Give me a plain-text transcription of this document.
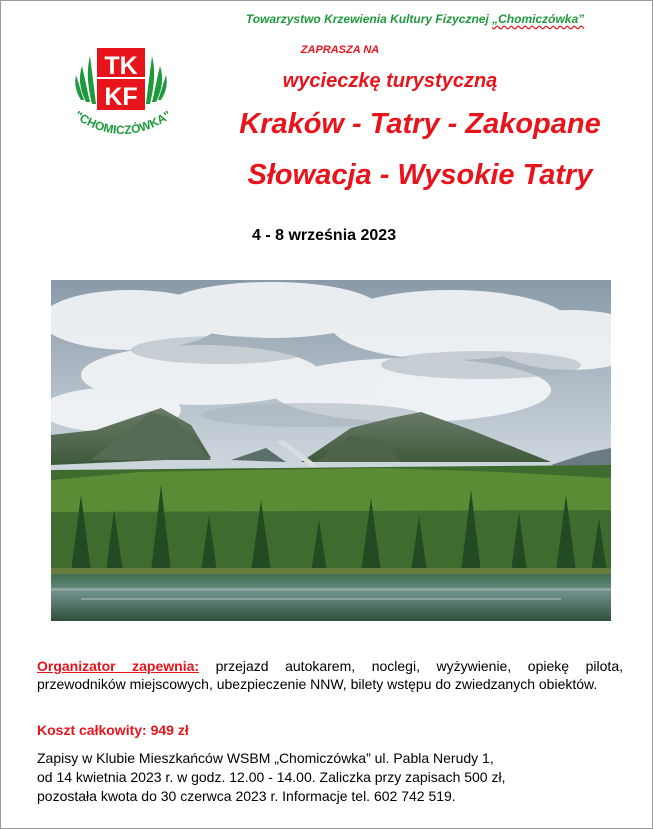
Towarzystwo Krzewienia Kultury Fizycznej „Chomiczówka”
ZAPRASZA NA
wycieczkę turystyczną
Kraków - Tatry - Zakopane
Słowacja - Wysokie Tatry
4 - 8 września 2023
TK
KF
"CHOMICZÓWKA"
Organizator zapewnia: przejazd autokarem, noclegi, wyżywienie, opiekę pilota, przewodników miejscowych, ubezpieczenie NNW, bilety wstępu do zwiedzanych obiektów.
Koszt całkowity: 949 zł
Zapisy w Klubie Mieszkańców WSBM „Chomiczówka” ul. Pabla Nerudy 1,
od 14 kwietnia 2023 r. w godz. 12.00 - 14.00. Zaliczka przy zapisach 500 zł,
pozostała kwota do 30 czerwca 2023 r. Informacje tel. 602 742 519.
